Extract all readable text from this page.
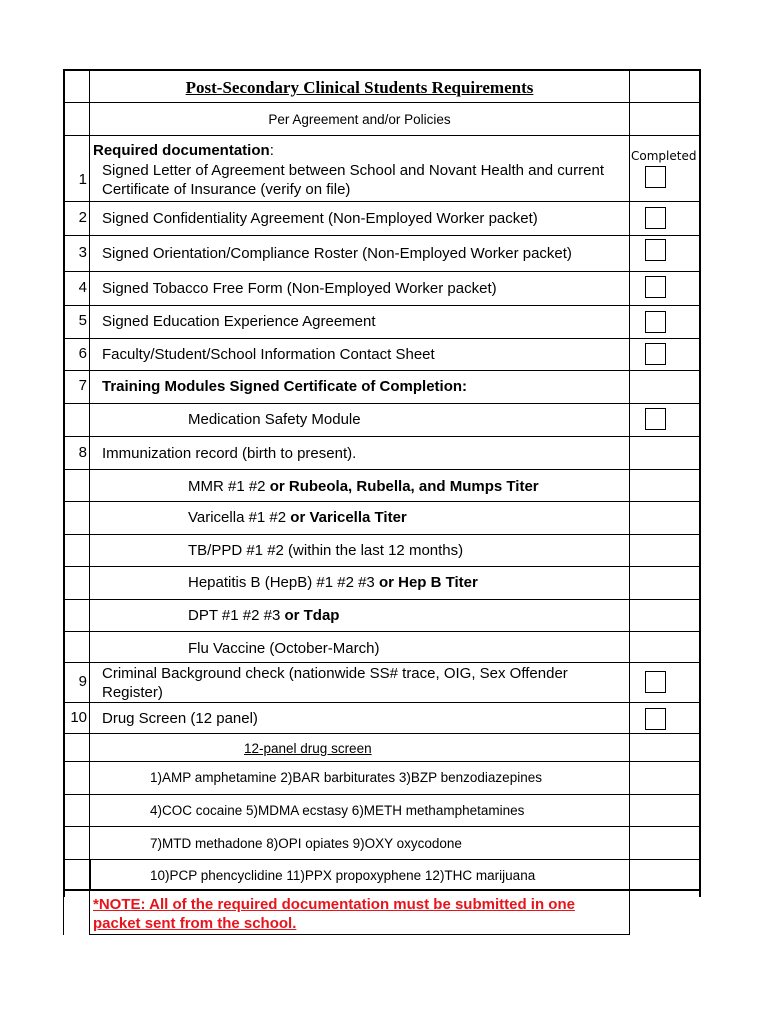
Post-Secondary Clinical Students Requirements
Per Agreement and/or Policies
Required documentation:	Completed
1
Signed Letter of Agreement between School and Novant Health and current
Certificate of Insurance (verify on file)
2 Signed Confidentiality Agreement (Non-Employed Worker packet)
3 Signed Orientation/Compliance Roster (Non-Employed Worker packet)
4 Signed Tobacco Free Form (Non-Employed Worker packet)
5 Signed Education Experience Agreement
6 Faculty/Student/School Information Contact Sheet
7 Training Modules Signed Certificate of Completion:
Medication Safety Module
8 Immunization record (birth to present).
MMR #1 #2 or Rubeola, Rubella, and Mumps Titer
Varicella #1 #2 or Varicella Titer
TB/PPD #1 #2 (within the last 12 months)
Hepatitis B (HepB) #1 #2 #3 or Hep B Titer
DPT #1 #2 #3 or Tdap
Flu Vaccine (October-March)
9 Criminal Background check (nationwide SS# trace, OIG, Sex Offender
Register)
10 Drug Screen (12 panel)
12-panel drug screen
1)AMP amphetamine 2)BAR barbiturates 3)BZP benzodiazepines
4)COC cocaine 5)MDMA ecstasy 6)METH methamphetamines
7)MTD methadone 8)OPI opiates 9)OXY oxycodone
10)PCP phencyclidine 11)PPX propoxyphene 12)THC marijuana
*NOTE: All of the required documentation must be submitted in one
packet sent from the school.
